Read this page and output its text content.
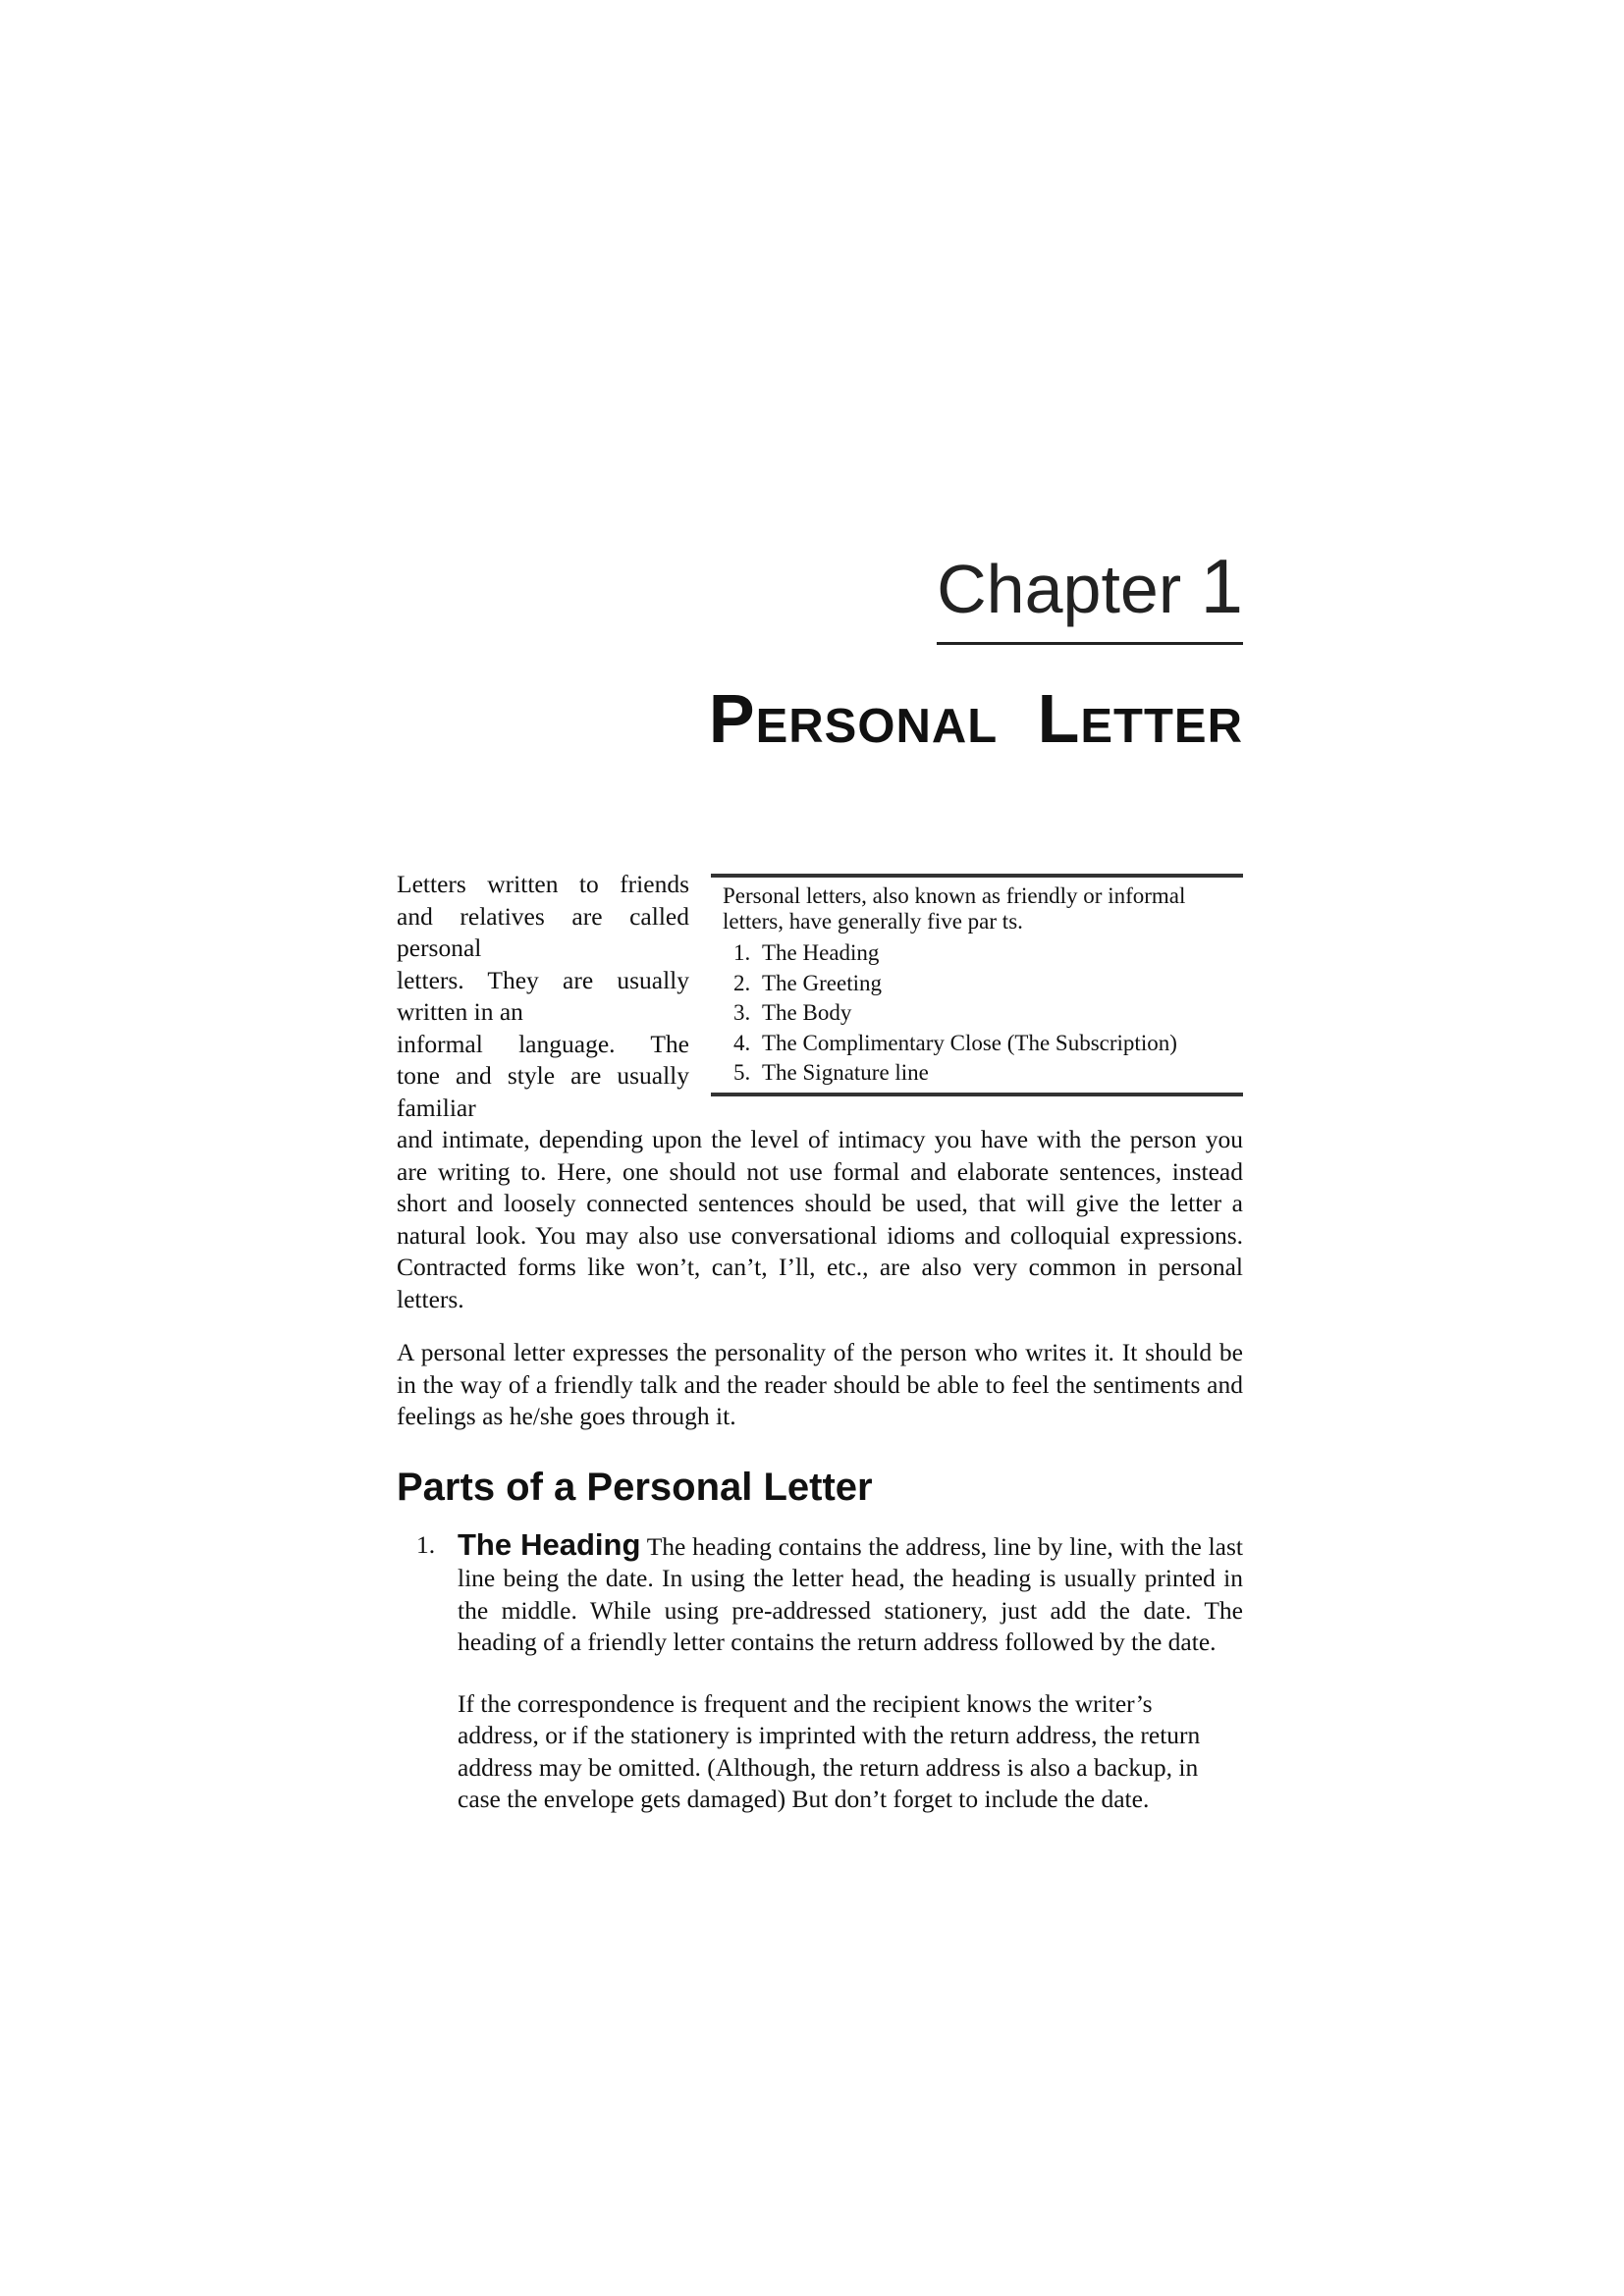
Chapter 1
Personal Letter

Personal letters, also known as friendly or informal letters, have generally five par ts.

1. The Heading
2. The Greeting
3. The Body
4. The Complimentary Close (The Subscription)
5. The Signature line
Letters written to friends
and relatives are called
personal
letters. They are usually
written in an
informal language. The
tone and style are usually
familiar
and intimate, depending upon the level of intimacy you have with the person you are writing to. Here, one should not use formal and elaborate sentences, instead short and loosely connected sentences should be used, that will give the letter a natural look. You may also use conversational idioms and colloquial expressions. Contracted forms like won’t, can’t, I’ll, etc., are also very common in personal letters.

A personal letter expresses the personality of the person who writes it. It should be in the way of a friendly talk and the reader should be able to feel the sentiments and feelings as he/she goes through it.

Parts of a Personal Letter
1. The Heading The heading contains the address, line by line, with the last line being the date. In using the letter head, the heading is usually printed in the middle. While using pre-addressed stationery, just add the date. The heading of a friendly letter contains the return address followed by the date.

If the correspondence is frequent and the recipient knows the writer’s address, or if the stationery is imprinted with the return address, the return address may be omitted. (Although, the return address is also a backup, in case the envelope gets damaged) But don’t forget to include the date.
